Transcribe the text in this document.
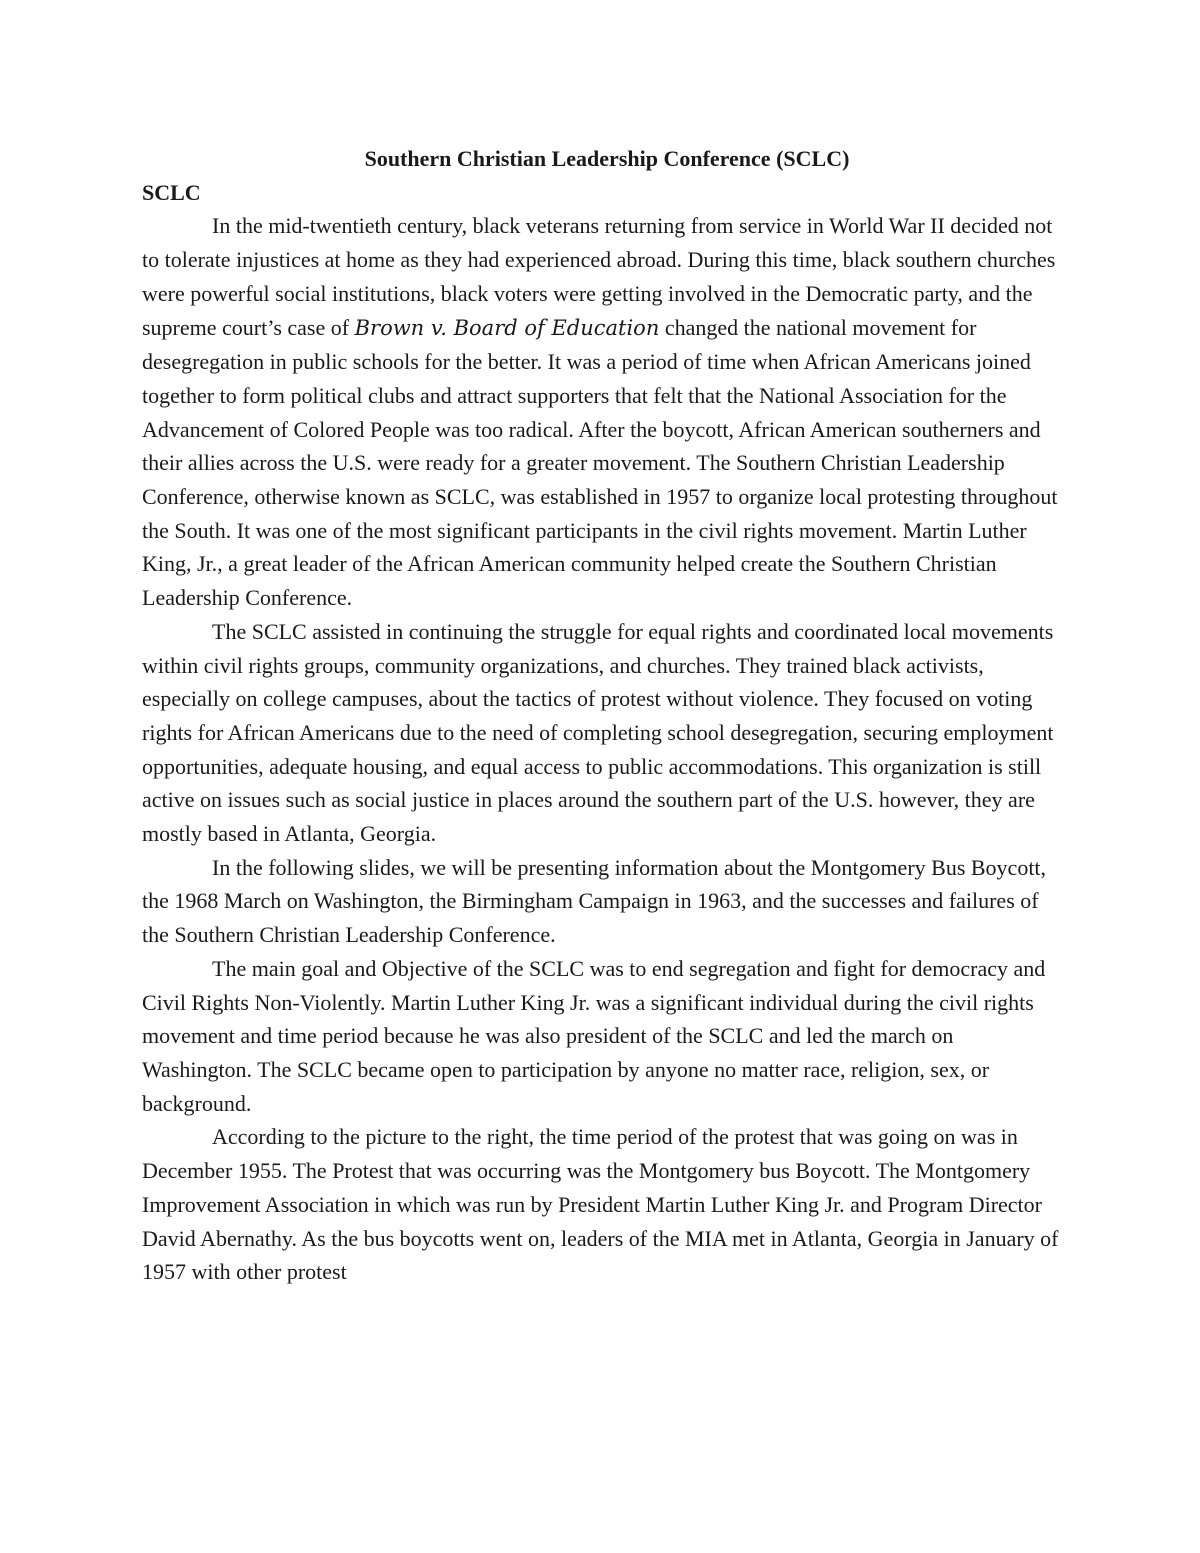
Southern Christian Leadership Conference (SCLC)

SCLC

In the mid-twentieth century, black veterans returning from service in World War II decided not to tolerate injustices at home as they had experienced abroad. During this time, black southern churches were powerful social institutions, black voters were getting involved in the Democratic party, and the supreme court’s case of Brown v. Board of Education changed the national movement for desegregation in public schools for the better. It was a period of time when African Americans joined together to form political clubs and attract supporters that felt that the National Association for the Advancement of Colored People was too radical. After the boycott, African American southerners and their allies across the U.S. were ready for a greater movement. The Southern Christian Leadership Conference, otherwise known as SCLC, was established in 1957 to organize local protesting throughout the South. It was one of the most significant participants in the civil rights movement. Martin Luther King, Jr., a great leader of the African American community helped create the Southern Christian Leadership Conference.

The SCLC assisted in continuing the struggle for equal rights and coordinated local movements within civil rights groups, community organizations, and churches. They trained black activists, especially on college campuses, about the tactics of protest without violence. They focused on voting rights for African Americans due to the need of completing school desegregation, securing employment opportunities, adequate housing, and equal access to public accommodations. This organization is still active on issues such as social justice in places around the southern part of the U.S. however, they are mostly based in Atlanta, Georgia.

In the following slides, we will be presenting information about the Montgomery Bus Boycott, the 1968 March on Washington, the Birmingham Campaign in 1963, and the successes and failures of the Southern Christian Leadership Conference.

The main goal and Objective of the SCLC was to end segregation and fight for democracy and Civil Rights Non-Violently. Martin Luther King Jr. was a significant individual during the civil rights movement and time period because he was also president of the SCLC and led the march on Washington. The SCLC became open to participation by anyone no matter race, religion, sex, or background.

According to the picture to the right, the time period of the protest that was going on was in December 1955. The Protest that was occurring was the Montgomery bus Boycott. The Montgomery Improvement Association in which was run by President Martin Luther King Jr. and Program Director David Abernathy. As the bus boycotts went on, leaders of the MIA met in Atlanta, Georgia in January of 1957 with other protest
